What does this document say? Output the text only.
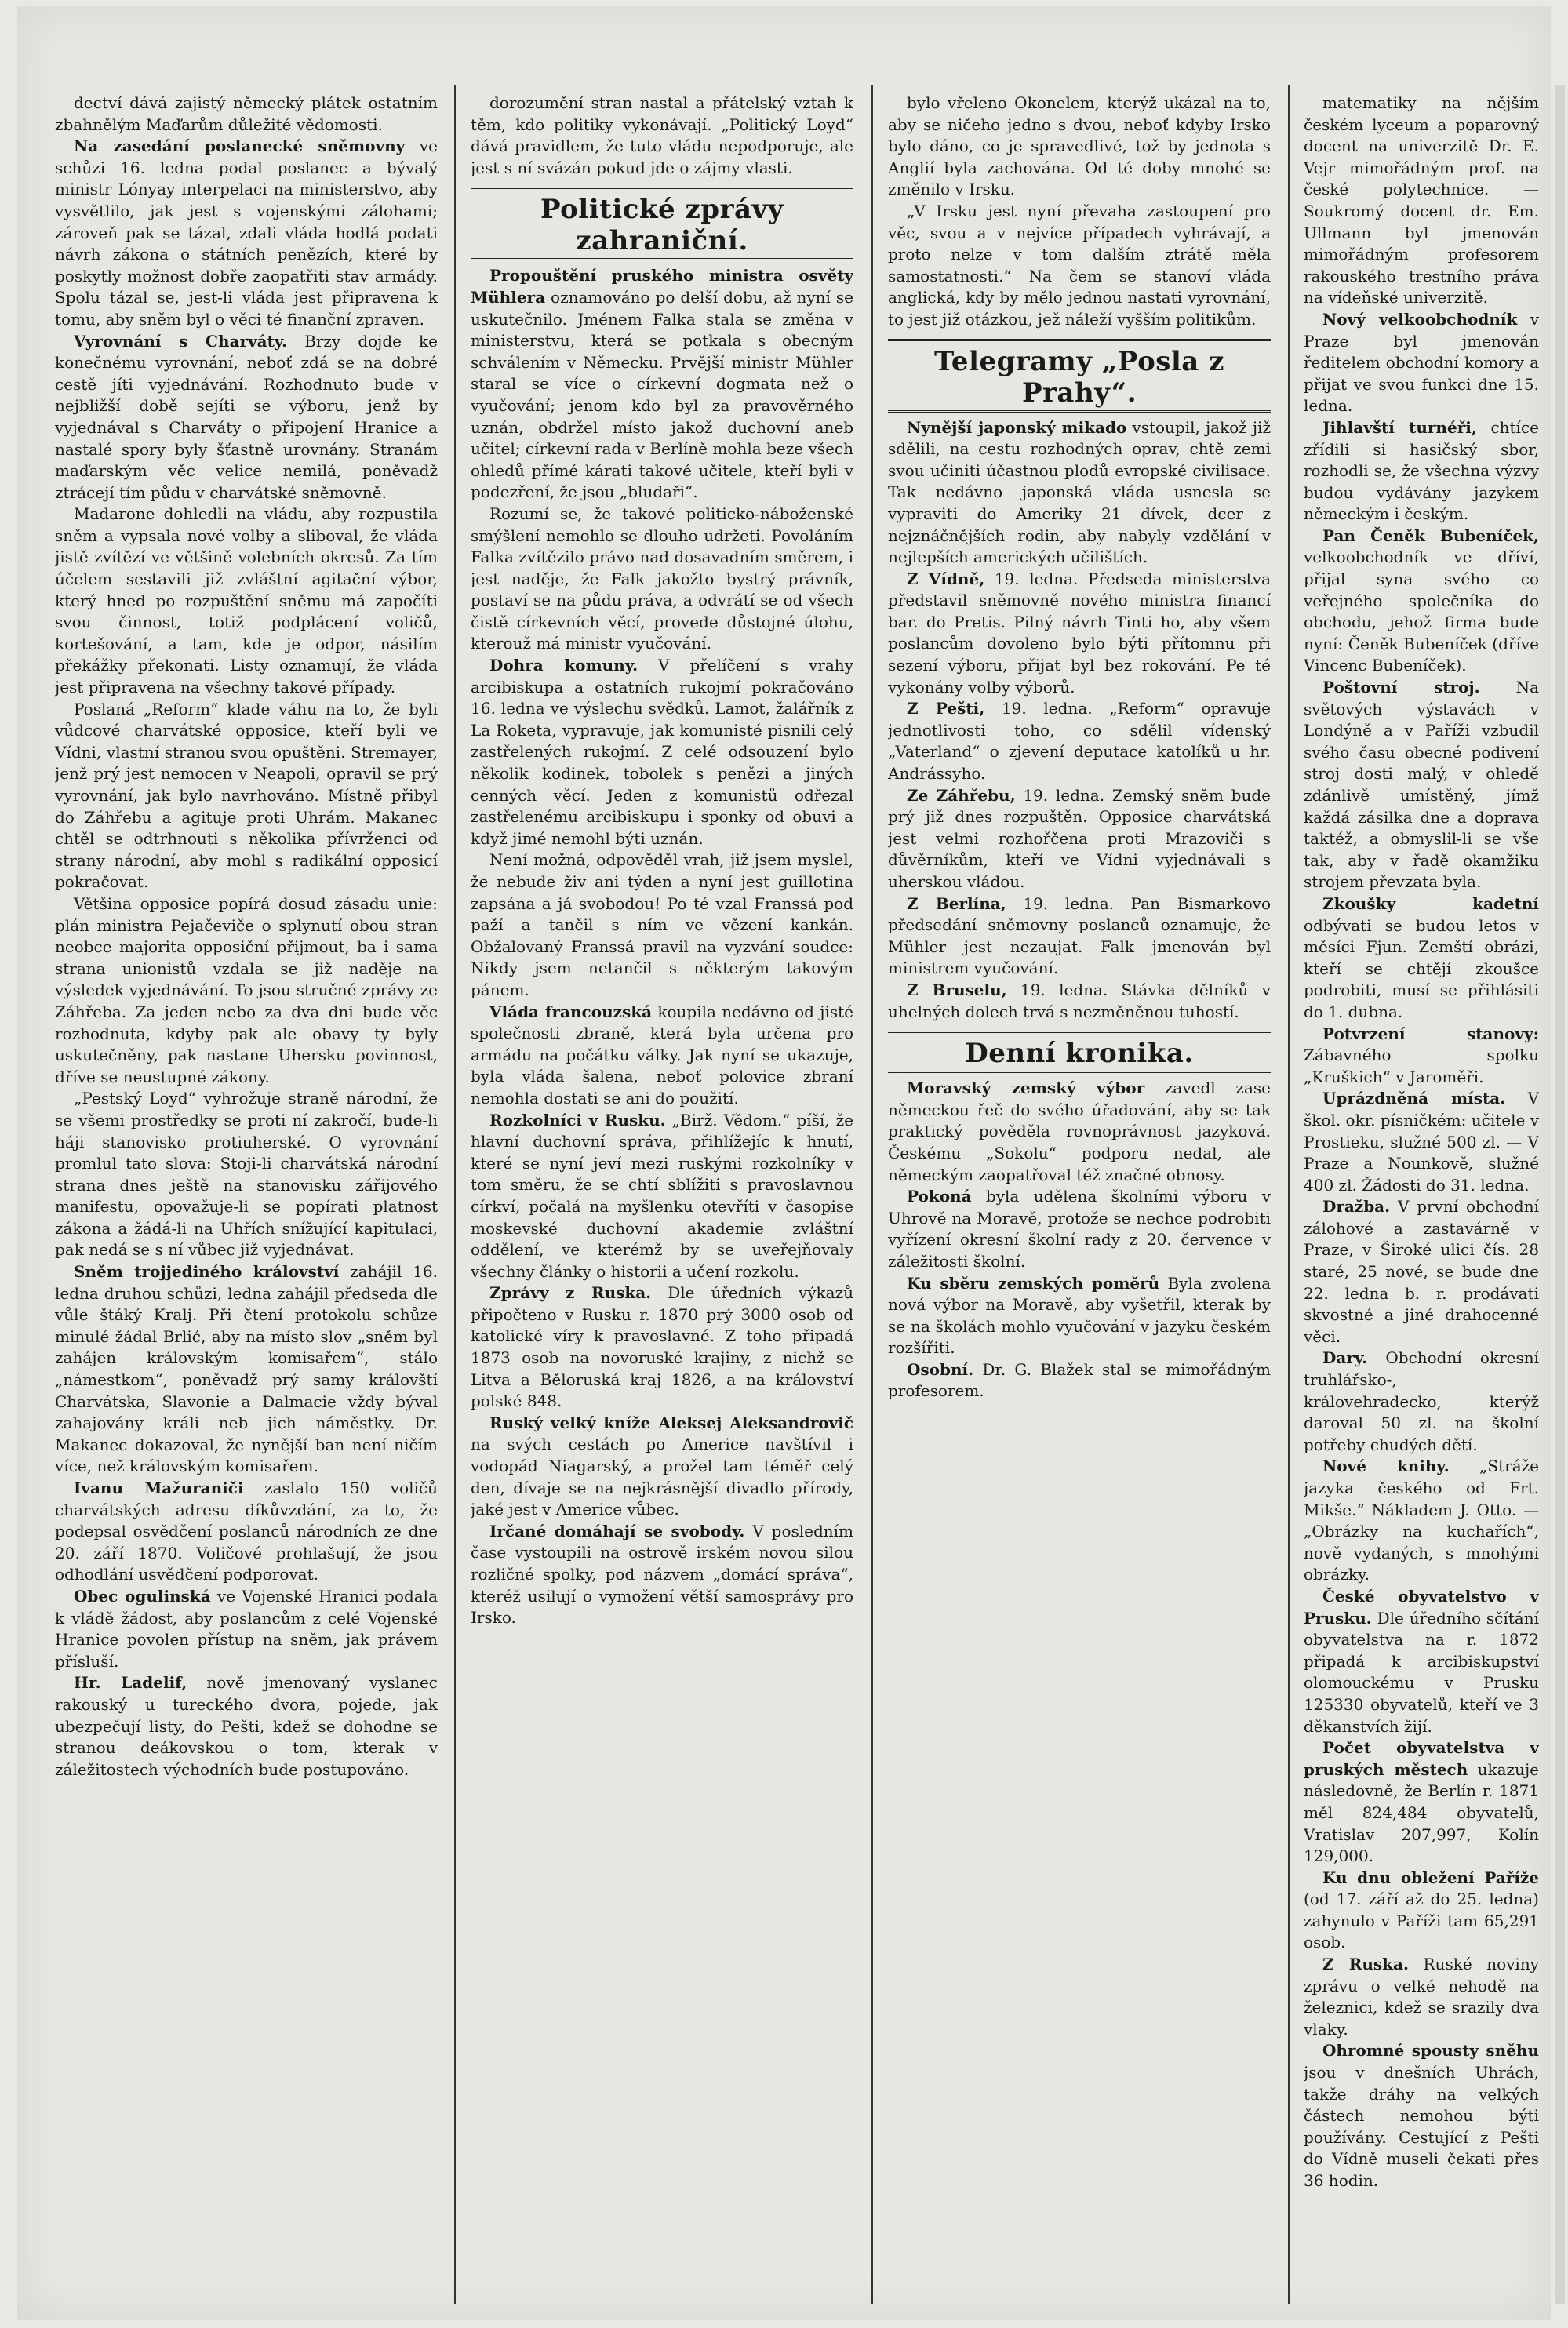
dectví dává zajistý německý plátek ostatním zbahnělým Maďarům důležité vědomosti.

Na zasedání poslanecké sněmovny ve schůzi 16. ledna podal poslanec a bývalý ministr Lónyay interpelaci na ministerstvo, aby vysvětlilo, jak jest s vojenskými zálohami; zároveň pak se tázal, zdali vláda hodlá podati návrh zákona o státních penězích, které by poskytly možnost dobře zaopatřiti stav armády. Spolu tázal se, jest-li vláda jest připravena k tomu, aby sněm byl o věci té finanční zpraven.

Vyrovnání s Charváty. Brzy dojde ke konečnému vyrovnání, neboť zdá se na dobré cestě jíti vyjednávání. Rozhodnuto bude v nejbližší době sejíti se výboru, jenž by vyjednával s Charváty o připojení Hranice a nastalé spory byly šťastně urovnány. Stranám maďarským věc velice nemilá, poněvadž ztrácejí tím půdu v charvátské sněmovně.

Madarone dohledli na vládu, aby rozpustila sněm a vypsala nové volby a sliboval, že vláda jistě zvítězí ve většině volebních okresů. Za tím účelem sestavili již zvláštní agitační výbor, který hned po rozpuštění sněmu má započíti svou činnost, totiž podplácení voličů, kortešování, a tam, kde je odpor, násilím překážky překonati. Listy oznamují, že vláda jest připravena na všechny takové případy.

Poslaná „Reform“ klade váhu na to, že byli vůdcové charvátské opposice, kteří byli ve Vídni, vlastní stranou svou opuštěni. Stremayer, jenž prý jest nemocen v Neapoli, opravil se prý vyrovnání, jak bylo navrhováno. Místně přibyl do Záhřebu a agituje proti Uhrám. Makanec chtěl se odtrhnouti s několika přívrženci od strany národní, aby mohl s radikální opposicí pokračovat.

Většina opposice popírá dosud zásadu unie: plán ministra Pejačeviče o splynutí obou stran neobce majorita opposiční přijmout, ba i sama strana unionistů vzdala se již naděje na výsledek vyjednávání. To jsou stručné zprávy ze Záhřeba. Za jeden nebo za dva dni bude věc rozhodnuta, kdyby pak ale obavy ty byly uskutečněny, pak nastane Uhersku povinnost, dříve se neustupné zákony.

„Pestský Loyd“ vyhrožuje straně národní, že se všemi prostředky se proti ní zakročí, bude-li háji stanovisko protiuherské. O vyrovnání promlul tato slova: Stoji-li charvátská národní strana dnes ještě na stanovisku zářijového manifestu, opovažuje-li se popírati platnost zákona a žádá-li na Uhřích snížující kapitulaci, pak nedá se s ní vůbec již vyjednávat.

Sněm trojjediného království zahájil 16. ledna druhou schůzi, ledna zahájil předseda dle vůle štáký Kralj. Při čtení protokolu schůze minulé žádal Brlić, aby na místo slov „sněm byl zahájen královským komisařem“, stálo „námestkom“, poněvadž prý samy královští Charvátska, Slavonie a Dalmacie vždy býval zahajovány králi neb jich náměstky. Dr. Makanec dokazoval, že nynější ban není ničím více, než královským komisařem.

Ivanu Mažuraniči zaslalo 150 voličů charvátských adresu díkůvzdání, za to, že podepsal osvědčení poslanců národních ze dne 20. září 1870. Voličové prohlašují, že jsou odhodlání usvědčení podporovat.

Obec ogulinská ve Vojenské Hranici podala k vládě žádost, aby poslancům z celé Vojenské Hranice povolen přístup na sněm, jak právem přísluší.

Hr. Ladelif, nově jmenovaný vyslanec rakouský u tureckého dvora, pojede, jak ubezpečují listy, do Pešti, kdež se dohodne se stranou deákovskou o tom, kterak v záležitostech východních bude postupováno.

dorozumění stran nastal a přátelský vztah k těm, kdo politiky vykonávají. „Politický Loyd“ dává pravidlem, že tuto vládu nepodporuje, ale jest s ní svázán pokud jde o zájmy vlasti.

Politické zprávy zahraniční.

Propouštění pruského ministra osvěty Mühlera oznamováno po delší dobu, až nyní se uskutečnilo. Jménem Falka stala se změna v ministerstvu, která se potkala s obecným schválením v Německu. Prvější ministr Mühler staral se více o církevní dogmata než o vyučování; jenom kdo byl za pravověrného uznán, obdržel místo jakož duchovní aneb učitel; církevní rada v Berlíně mohla beze všech ohledů přímé kárati takové učitele, kteří byli v podezření, že jsou „bludaři“.

Rozumí se, že takové politicko-náboženské smýšlení nemohlo se dlouho udržeti. Povoláním Falka zvítězilo právo nad dosavadním směrem, i jest naděje, že Falk jakožto bystrý právník, postaví se na půdu práva, a odvrátí se od všech čistě církevních věcí, provede důstojné úlohu, kterouž má ministr vyučování.

Dohra komuny. V přelíčení s vrahy arcibiskupa a ostatních rukojmí pokračováno 16. ledna ve výslechu svědků. Lamot, žalářník z La Roketa, vypravuje, jak komunisté pisnili celý zastřelených rukojmí. Z celé odsouzení bylo několik kodinek, tobolek s penězi a jiných cenných věcí. Jeden z komunistů odřezal zastřelenému arcibiskupu i sponky od obuvi a když jimé nemohl býti uznán.

Není možná, odpověděl vrah, již jsem myslel, že nebude živ ani týden a nyní jest guillotina zapsána a já svobodou! Po té vzal Franssá pod paží a tančil s ním ve vězení kankán. Obžalovaný Franssá pravil na vyzvání soudce: Nikdy jsem netančil s některým takovým pánem.

Vláda francouzská koupila nedávno od jisté společnosti zbraně, která byla určena pro armádu na počátku války. Jak nyní se ukazuje, byla vláda šalena, neboť polovice zbraní nemohla dostati se ani do použití.

Rozkolníci v Rusku. „Birž. Vědom.“ píší, že hlavní duchovní správa, přihlížejíc k hnutí, které se nyní jeví mezi ruskými rozkolníky v tom směru, že se chtí sblížiti s pravoslavnou církví, počalá na myšlenku otevříti v časopise moskevské duchovní akademie zvláštní oddělení, ve kterémž by se uveřejňovaly všechny články o historii a učení rozkolu.

Zprávy z Ruska. Dle úředních výkazů připočteno v Rusku r. 1870 prý 3000 osob od katolické víry k pravoslavné. Z toho připadá 1873 osob na novoruské krajiny, z nichž se Litva a Běloruská kraj 1826, a na království polské 848.

Ruský velký kníže Aleksej Aleksandrovič na svých cestách po Americe navštívil i vodopád Niagarský, a prožel tam téměř celý den, dívaje se na nejkrásnější divadlo přírody, jaké jest v Americe vůbec.

Irčané domáhají se svobody. V posledním čase vystoupili na ostrově irském novou silou rozličné spolky, pod názvem „domácí správa“, kteréž usilují o vymožení větší samosprávy pro Irsko.

bylo vřeleno Okonelem, kterýž ukázal na to, aby se ničeho jedno s dvou, neboť kdyby Irsko bylo dáno, co je spravedlivé, tož by jednota s Anglií byla zachována. Od té doby mnohé se změnilo v Irsku.

„V Irsku jest nyní převaha zastoupení pro věc, svou a v nejvíce případech vyhrávají, a proto nelze v tom dalším ztrátě měla samostatnosti.“ Na čem se stanoví vláda anglická, kdy by mělo jednou nastati vyrovnání, to jest již otázkou, jež náleží vyšším politikům.

Telegramy „Posla z Prahy“.

Nynější japonský mikado vstoupil, jakož již sdělili, na cestu rozhodných oprav, chtě zemi svou učiniti účastnou plodů evropské civilisace. Tak nedávno japonská vláda usnesla se vypraviti do Ameriky 21 dívek, dcer z nejznáčnějších rodin, aby nabyly vzdělání v nejlepších amerických učilištích.

Z Vídně, 19. ledna. Předseda ministerstva představil sněmovně nového ministra financí bar. do Pretis. Pilný návrh Tinti ho, aby všem poslancům dovoleno bylo býti přítomnu při sezení výboru, přijat byl bez rokování. Pe té vykonány volby výborů.

Z Pešti, 19. ledna. „Reform“ opravuje jednotlivosti toho, co sdělil vídenský „Vaterland“ o zjevení deputace katolíků u hr. Andrássyho.

Ze Záhřebu, 19. ledna. Zemský sněm bude prý již dnes rozpuštěn. Opposice charvátská jest velmi rozhořčena proti Mrazoviči s důvěrníkům, kteří ve Vídni vyjednávali s uherskou vládou.

Z Berlína, 19. ledna. Pan Bismarkovo předsedání sněmovny poslanců oznamuje, že Mühler jest nezaujat. Falk jmenován byl ministrem vyučování.

Z Bruselu, 19. ledna. Stávka dělníků v uhelných dolech trvá s nezměněnou tuhostí.

Denní kronika.

Moravský zemský výbor zavedl zase německou řeč do svého úřadování, aby se tak praktický pověděla rovnoprávnost jazyková. Českému „Sokolu“ podporu nedal, ale německým zaopatřoval též značné obnosy.

Pokoná byla udělena školními výboru v Uhrově na Moravě, protože se nechce podrobiti vyřízení okresní školní rady z 20. července v záležitosti školní.

Ku sběru zemských poměrů Byla zvolena nová výbor na Moravě, aby vyšetřil, kterak by se na školách mohlo vyučování v jazyku českém rozšířiti.

Osobní. Dr. G. Blažek stal se mimořádným profesorem.

matematiky na nějším českém lyceum a poparovný docent na univerzitě Dr. E. Vejr mimořádným prof. na české polytechnice. — Soukromý docent dr. Em. Ullmann byl jmenován mimořádným profesorem rakouského trestního práva na vídeňské univerzitě.

Nový velkoobchodník v Praze byl jmenován ředitelem obchodní komory a přijat ve svou funkci dne 15. ledna.

Jihlavští turnéři, chtíce zřídili si hasičský sbor, rozhodli se, že všechna výzvy budou vydávány jazykem německým i českým.

Pan Čeněk Bubeníček, velkoobchodník ve dříví, přijal syna svého co veřejného společníka do obchodu, jehož firma bude nyní: Čeněk Bubeníček (dříve Vincenc Bubeníček).

Poštovní stroj. Na světových výstavách v Londýně a v Paříži vzbudil svého času obecné podivení stroj dosti malý, v ohledě zdánlivě umístěný, jímž každá zásilka dne a doprava taktéž, a obmyslil-li se vše tak, aby v řadě okamžiku strojem převzata byla.

Zkoušky kadetní odbývati se budou letos v měsíci Fjun. Zemští obrázi, kteří se chtějí zkoušce podrobiti, musí se přihlásiti do 1. dubna.

Potvrzení stanovy: Zábavného spolku „Kruškich“ v Jaroměři.

Uprázdněná místa. V škol. okr. písničkém: učitele v Prostieku, služné 500 zl. — V Praze a Nounkově, služné 400 zl. Žádosti do 31. ledna.

Dražba. V první obchodní zálohové a zastavárně v Praze, v Široké ulici čís. 28 staré, 25 nové, se bude dne 22. ledna b. r. prodávati skvostné a jiné drahocenné věci.

Dary. Obchodní okresní truhlářsko-, královehradecko, kterýž daroval 50 zl. na školní potřeby chudých dětí.

Nové knihy. „Stráže jazyka českého od Frt. Mikše.“ Nákladem J. Otto. — „Obrázky na kuchařích“, nově vydaných, s mnohými obrázky.

České obyvatelstvo v Prusku. Dle úředního sčítání obyvatelstva na r. 1872 připadá k arcibiskupství olomouckému v Prusku 125330 obyvatelů, kteří ve 3 děkanstvích žijí.

Počet obyvatelstva v pruských městech ukazuje následovně, že Berlín r. 1871 měl 824,484 obyvatelů, Vratislav 207,997, Kolín 129,000.

Ku dnu obležení Paříže (od 17. září až do 25. ledna) zahynulo v Paříži tam 65,291 osob.

Z Ruska. Ruské noviny zprávu o velké nehodě na železnici, kdež se srazily dva vlaky.

Ohromné spousty sněhu jsou v dnešních Uhrách, takže dráhy na velkých částech nemohou býti používány. Cestující z Pešti do Vídně museli čekati přes 36 hodin.
